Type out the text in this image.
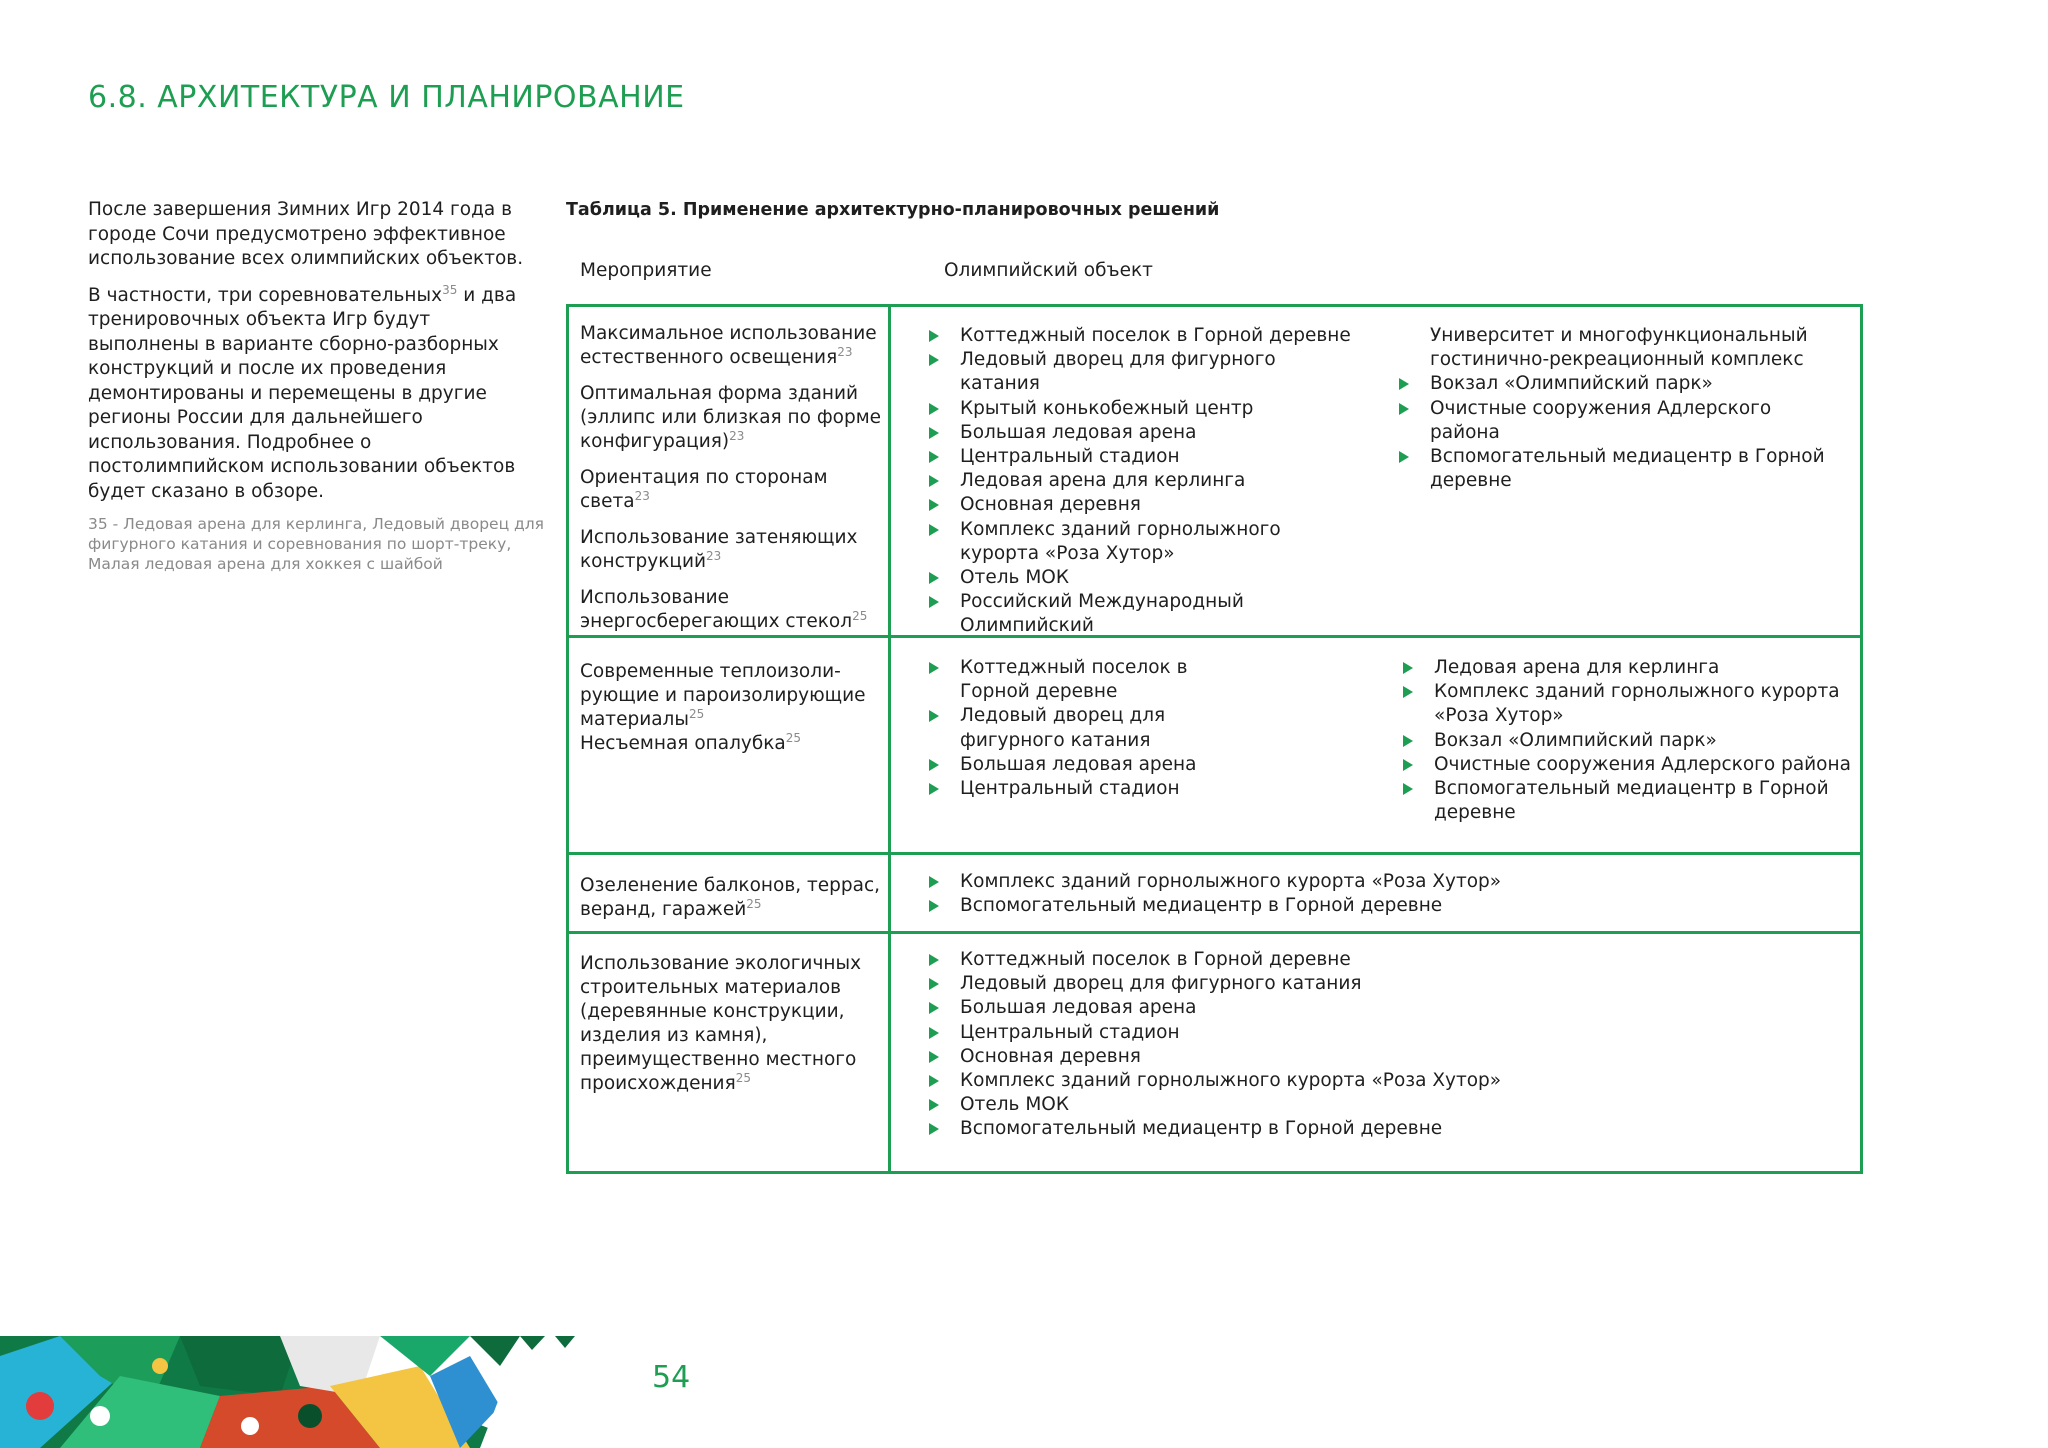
6.8. АРХИТЕКТУРА И ПЛАНИРОВАНИЕ

После завершения Зимних Игр 2014 года в городе Сочи предусмотрено эффективное использование всех олимпийских объектов.

В частности, три соревновательных$^{35}$ и два тренировочных объекта Игр будут выполнены в варианте сборно-разборных конструкций и после их проведения демонтированы и перемещены в другие регионы России для дальнейшего использования. Подробнее о постолимпийском использовании объектов будет сказано в обзоре.

35 - Ледовая арена для керлинга, Ледовый дворец для фигурного катания и соревнования по шорт-треку, Малая ледовая арена для хоккея с шайбой
Таблица 5. Применение архитектурно-планировочных решений
Мероприятие	Олимпийский объект

Максимальное использование естественного освещения$^{23}$

Оптимальная форма зданий (эллипс или близкая по форме конфигурация)$^{23}$

Ориентация по сторонам света$^{23}$

Использование затеняющих конструкций$^{23}$

Использование энергосберегающих стекол$^{25}$

Коттеджный поселок в Горной деревне
Ледовый дворец для фигурного катания
Крытый конькобежный центр
Большая ледовая арена
Центральный стадион
Ледовая арена для керлинга
Основная деревня
Комплекс зданий горнолыжного курорта «Роза Хутор»
Отель МОК
Российский Международный Олимпийский
Университет и многофункциональный гостинично-рекреационный комплекс
Вокзал «Олимпийский парк»
Очистные сооружения Адлерского района
Вспомогательный медиацентр в Горной деревне

Современные теплоизоли- рующие и пароизолирующие материалы$^{25}$

Несъемная опалубка$^{25}$

Коттеджный поселок в Горной деревне
Ледовый дворец для фигурного катания
Большая ледовая арена
Центральный стадион
Ледовая арена для керлинга
Комплекс зданий горнолыжного курорта «Роза Хутор»
Вокзал «Олимпийский парк»
Очистные сооружения Адлерского района
Вспомогательный медиацентр в Горной деревне

Озеленение балконов, террас, веранд, гаражей$^{25}$

Комплекс зданий горнолыжного курорта «Роза Хутор»
Вспомогательный медиацентр в Горной деревне

Использование экологичных строительных материалов (деревянные конструкции, изделия из камня), преимущественно местного происхождения$^{25}$

Коттеджный поселок в Горной деревне
Ледовый дворец для фигурного катания
Большая ледовая арена
Центральный стадион
Основная деревня
Комплекс зданий горнолыжного курорта «Роза Хутор»
Отель МОК
Вспомогательный медиацентр в Горной деревне
54
